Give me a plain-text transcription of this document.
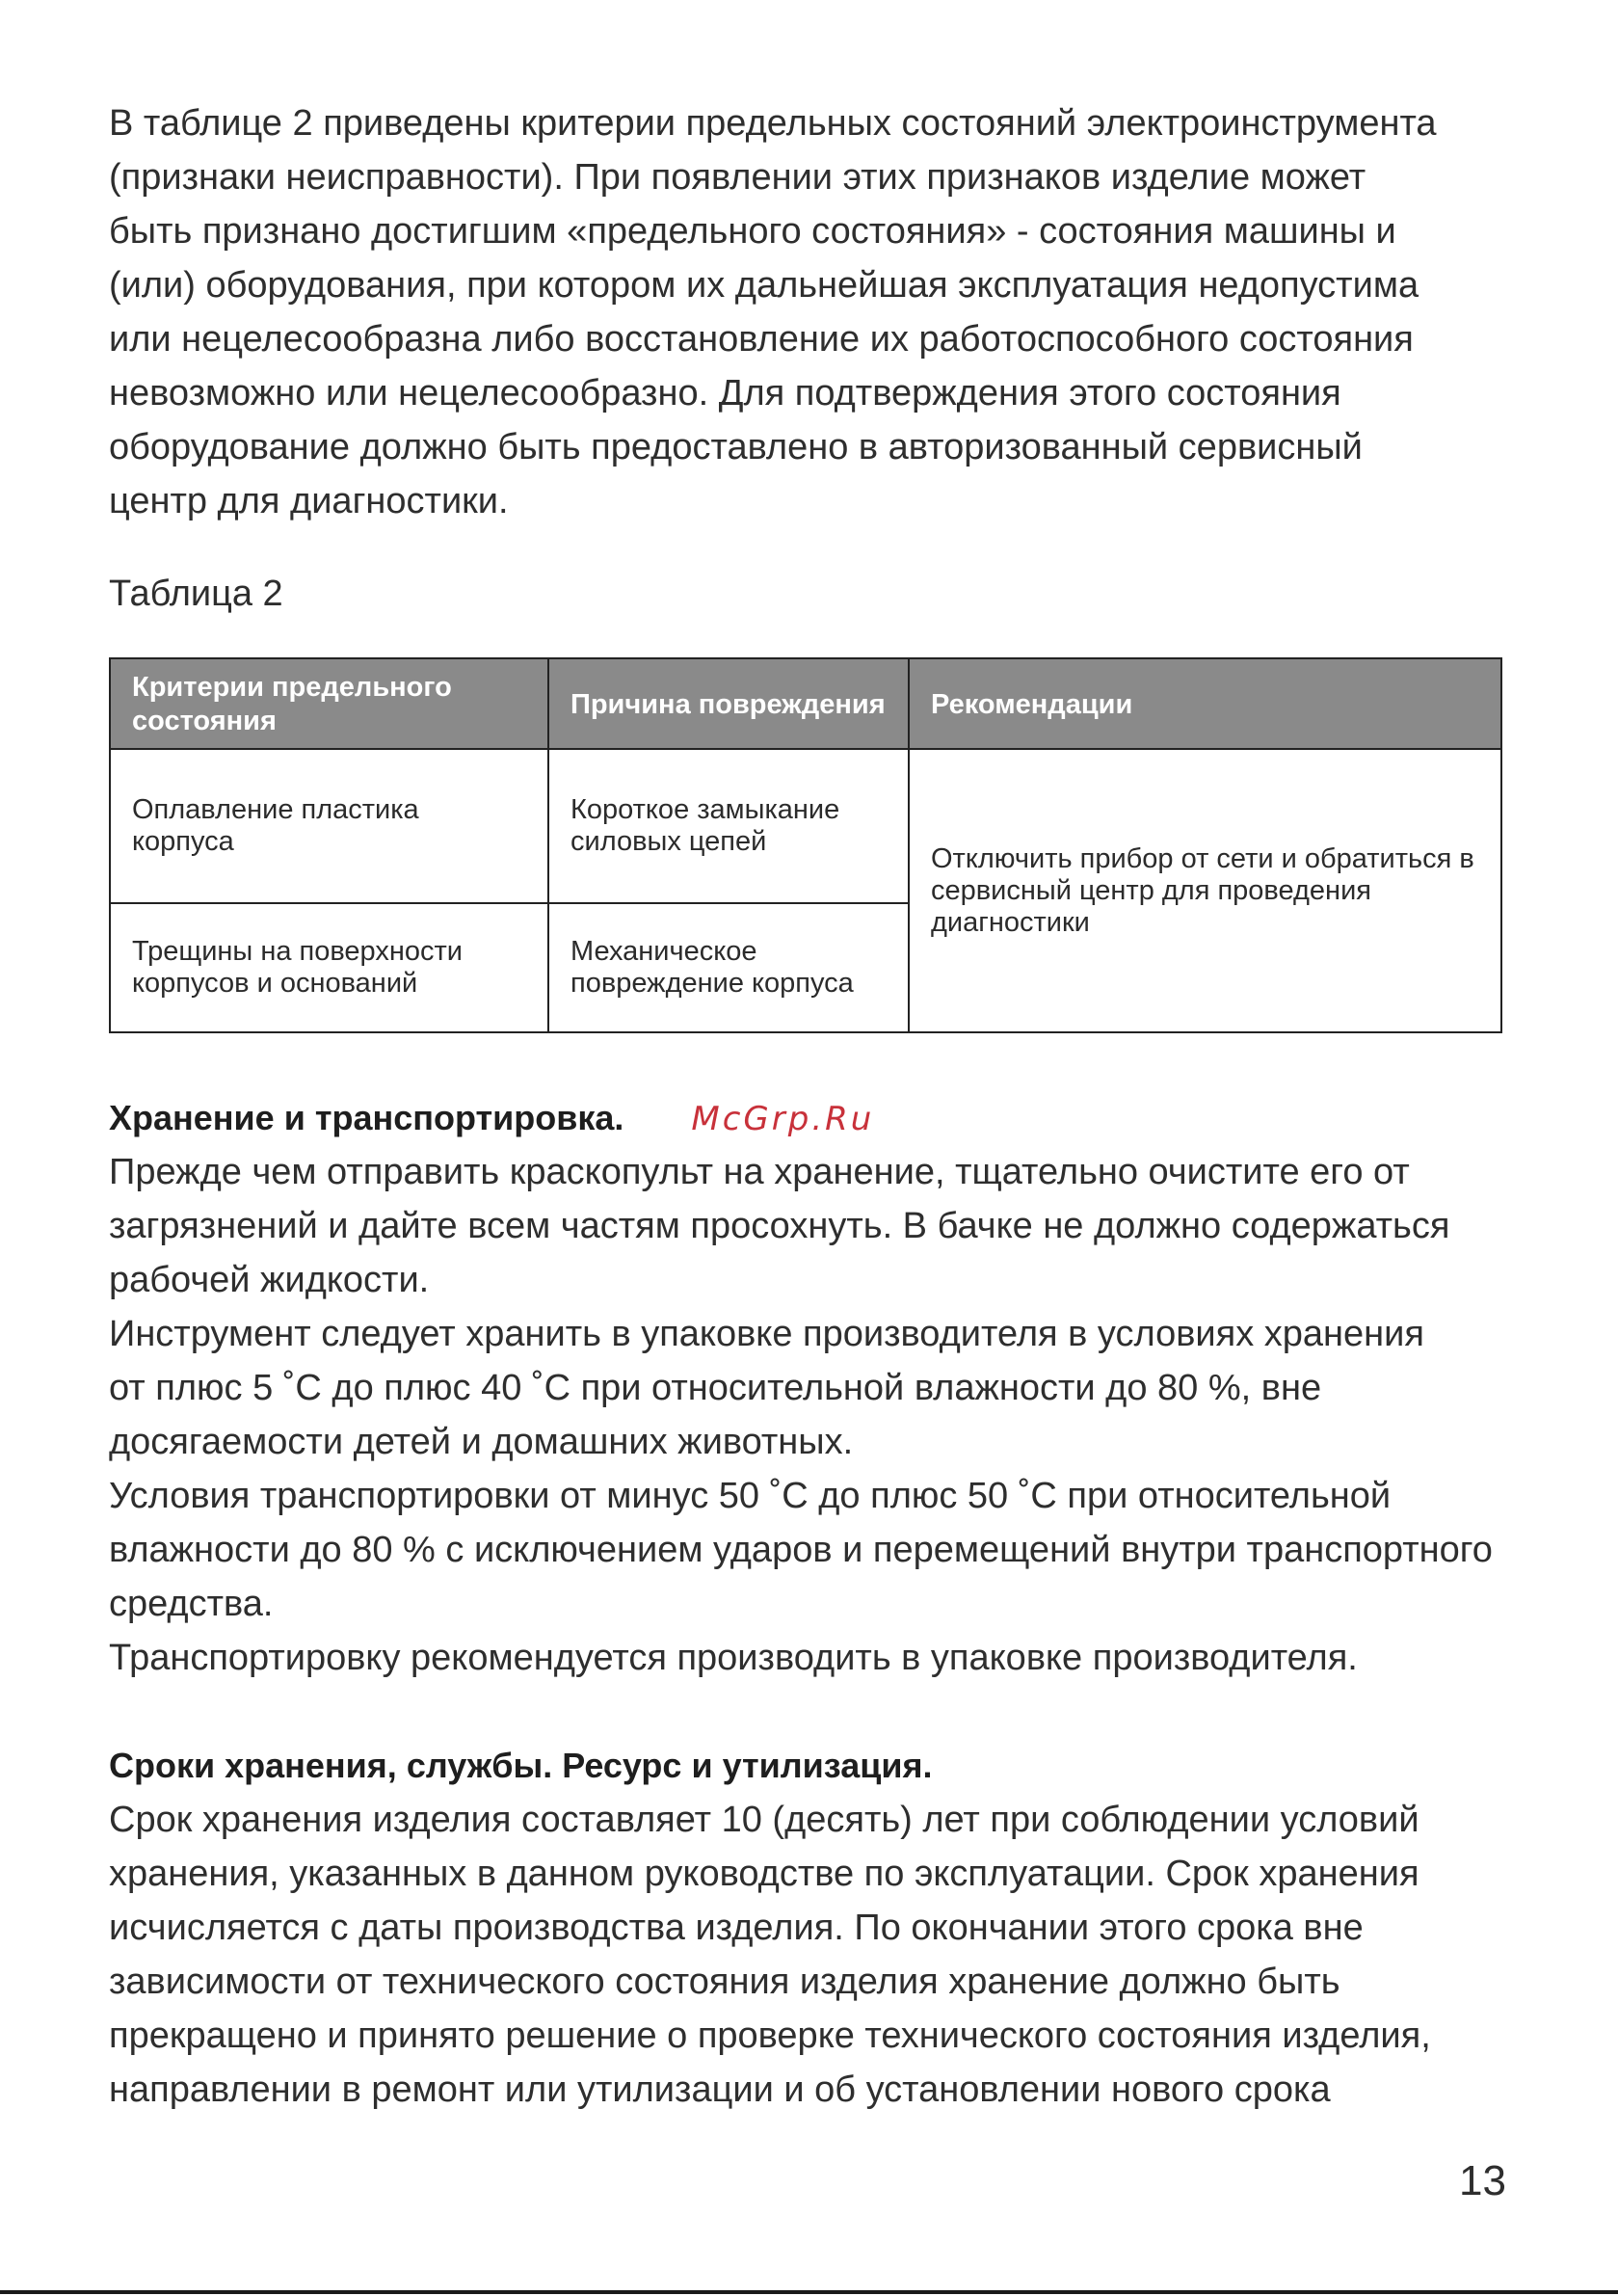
В таблице 2 приведены критерии предельных состояний электроинструмента

(признаки неисправности). При появлении этих признаков изделие может

быть признано достигшим «предельного состояния» - состояния машины и

(или) оборудования, при котором их дальнейшая эксплуатация недопустима

или нецелесообразна либо восстановление их работоспособного состояния

невозможно или нецелесообразно. Для подтверждения этого состояния

оборудование должно быть предоставлено в авторизованный сервисный

центр для диагностики.

Таблица 2

Критерии предельного состояния	Причина повреждения	Рекомендации
Оплавление пластика корпуса	Короткое замыкание силовых цепей	Отключить прибор от сети и обратиться в сервисный центр для проведения диагностики
Трещины на поверхности корпусов и оснований	Механическое повреждение корпуса	
Хранение и транспортировка. McGrp.Ru

Прежде чем отправить краскопульт на хранение, тщательно очистите его от

загрязнений и дайте всем частям просохнуть. В бачке не должно содержаться

рабочей жидкости.

Инструмент следует хранить в упаковке производителя в условиях хранения

от плюс 5 ˚С до плюс 40 ˚С при относительной влажности до 80 %, вне

досягаемости детей и домашних животных.

Условия транспортировки от минус 50 ˚С до плюс 50 ˚С при относительной

влажности до 80 % с исключением ударов и перемещений внутри транспортного

средства.

Транспортировку рекомендуется производить в упаковке производителя.

Сроки хранения, службы. Ресурс и утилизация.

Срок хранения изделия составляет 10 (десять) лет при соблюдении условий

хранения, указанных в данном руководстве по эксплуатации. Срок хранения

исчисляется с даты производства изделия. По окончании этого срока вне

зависимости от технического состояния изделия хранение должно быть

прекращено и принято решение о проверке технического состояния изделия,

направлении в ремонт или утилизации и об установлении нового срока

13
